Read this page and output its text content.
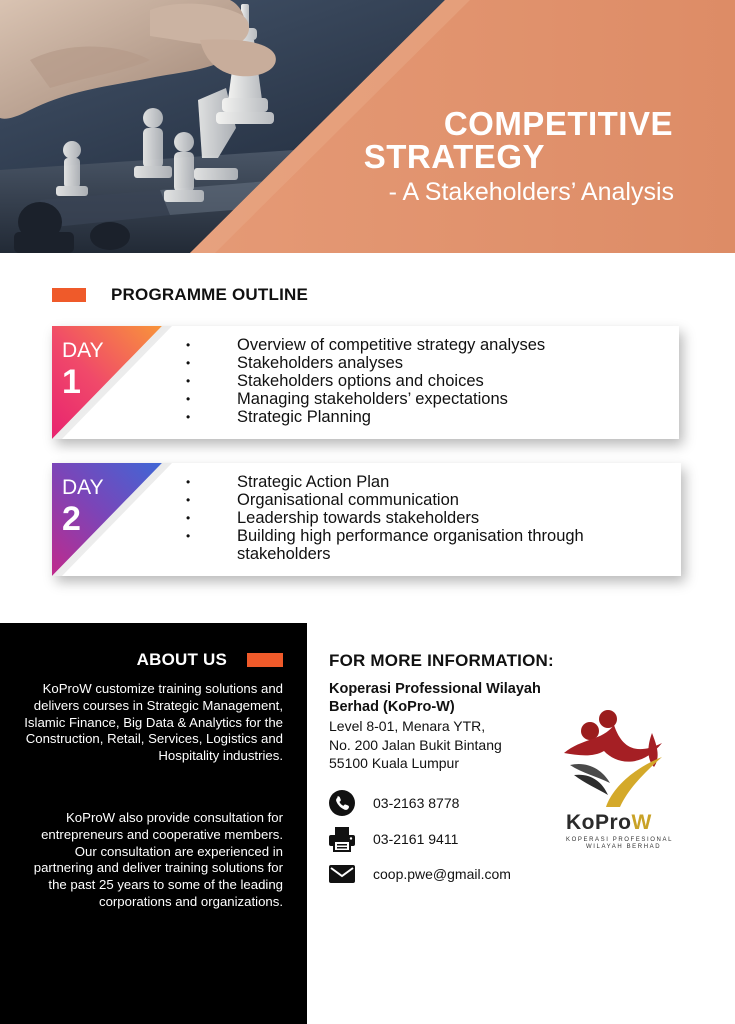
COMPETITIVE
STRATEGY
- A Stakeholders’ Analysis
PROGRAMME OUTLINE
DAY
1
• Overview of competitive strategy analyses
• Stakeholders analyses
• Stakeholders options and choices
• Managing stakeholders’ expectations
• Strategic Planning
DAY
2
• Strategic Action Plan
• Organisational communication
• Leadership towards stakeholders
• Building high performance organisation through stakeholders
ABOUT US

KoProW customize training solutions and delivers courses in Strategic Management, Islamic Finance, Big Data & Analytics for the Construction, Retail, Services, Logistics and Hospitality industries.

KoProW also provide consultation for entrepreneurs and cooperative members. Our consultation are experienced in partnering and deliver training solutions for the past 25 years to some of the leading corporations and organizations.

FOR MORE INFORMATION:
Koperasi Professional Wilayah Berhad (KoPro-W)
Level 8-01, Menara YTR,
No. 200 Jalan Bukit Bintang
55100 Kuala Lumpur
03-2163 8778
03-2161 9411
coop.pwe@gmail.com
KoProW
KOPERASI PROFESIONAL
WILAYAH BERHAD
